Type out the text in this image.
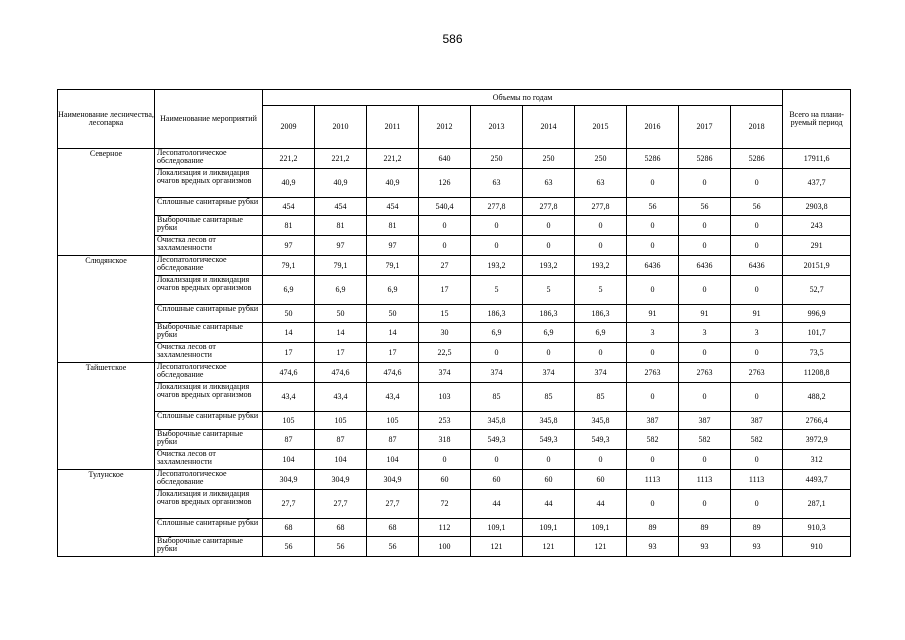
586
Наименование лесничества, лесопарка	Наименование мероприятий	Объемы по годам										Всего на плани-руемый период
		2009	2010	2011	2012	2013	2014	2015	2016	2017	2018	
Северное	Лесопатологическое обследование	221,2	221,2	221,2	640	250	250	250	5286	5286	5286	17911,6
	Локализация и ликвидация очагов вредных организмов	40,9	40,9	40,9	126	63	63	63	0	0	0	437,7
	Сплошные санитарные рубки	454	454	454	540,4	277,8	277,8	277,8	56	56	56	2903,8
	Выборочные санитарные рубки	81	81	81	0	0	0	0	0	0	0	243
	Очистка лесов от захламленности	97	97	97	0	0	0	0	0	0	0	291
Слюдянское	Лесопатологическое обследование	79,1	79,1	79,1	27	193,2	193,2	193,2	6436	6436	6436	20151,9
	Локализация и ликвидация очагов вредных организмов	6,9	6,9	6,9	17	5	5	5	0	0	0	52,7
	Сплошные санитарные рубки	50	50	50	15	186,3	186,3	186,3	91	91	91	996,9
	Выборочные санитарные рубки	14	14	14	30	6,9	6,9	6,9	3	3	3	101,7
	Очистка лесов от захламленности	17	17	17	22,5	0	0	0	0	0	0	73,5
Тайшетское	Лесопатологическое обследование	474,6	474,6	474,6	374	374	374	374	2763	2763	2763	11208,8
	Локализация и ликвидация очагов вредных организмов	43,4	43,4	43,4	103	85	85	85	0	0	0	488,2
	Сплошные санитарные рубки	105	105	105	253	345,8	345,8	345,8	387	387	387	2766,4
	Выборочные санитарные рубки	87	87	87	318	549,3	549,3	549,3	582	582	582	3972,9
	Очистка лесов от захламленности	104	104	104	0	0	0	0	0	0	0	312
Тулунское	Лесопатологическое обследование	304,9	304,9	304,9	60	60	60	60	1113	1113	1113	4493,7
	Локализация и ликвидация очагов вредных организмов	27,7	27,7	27,7	72	44	44	44	0	0	0	287,1
	Сплошные санитарные рубки	68	68	68	112	109,1	109,1	109,1	89	89	89	910,3
	Выборочные санитарные рубки	56	56	56	100	121	121	121	93	93	93	910
